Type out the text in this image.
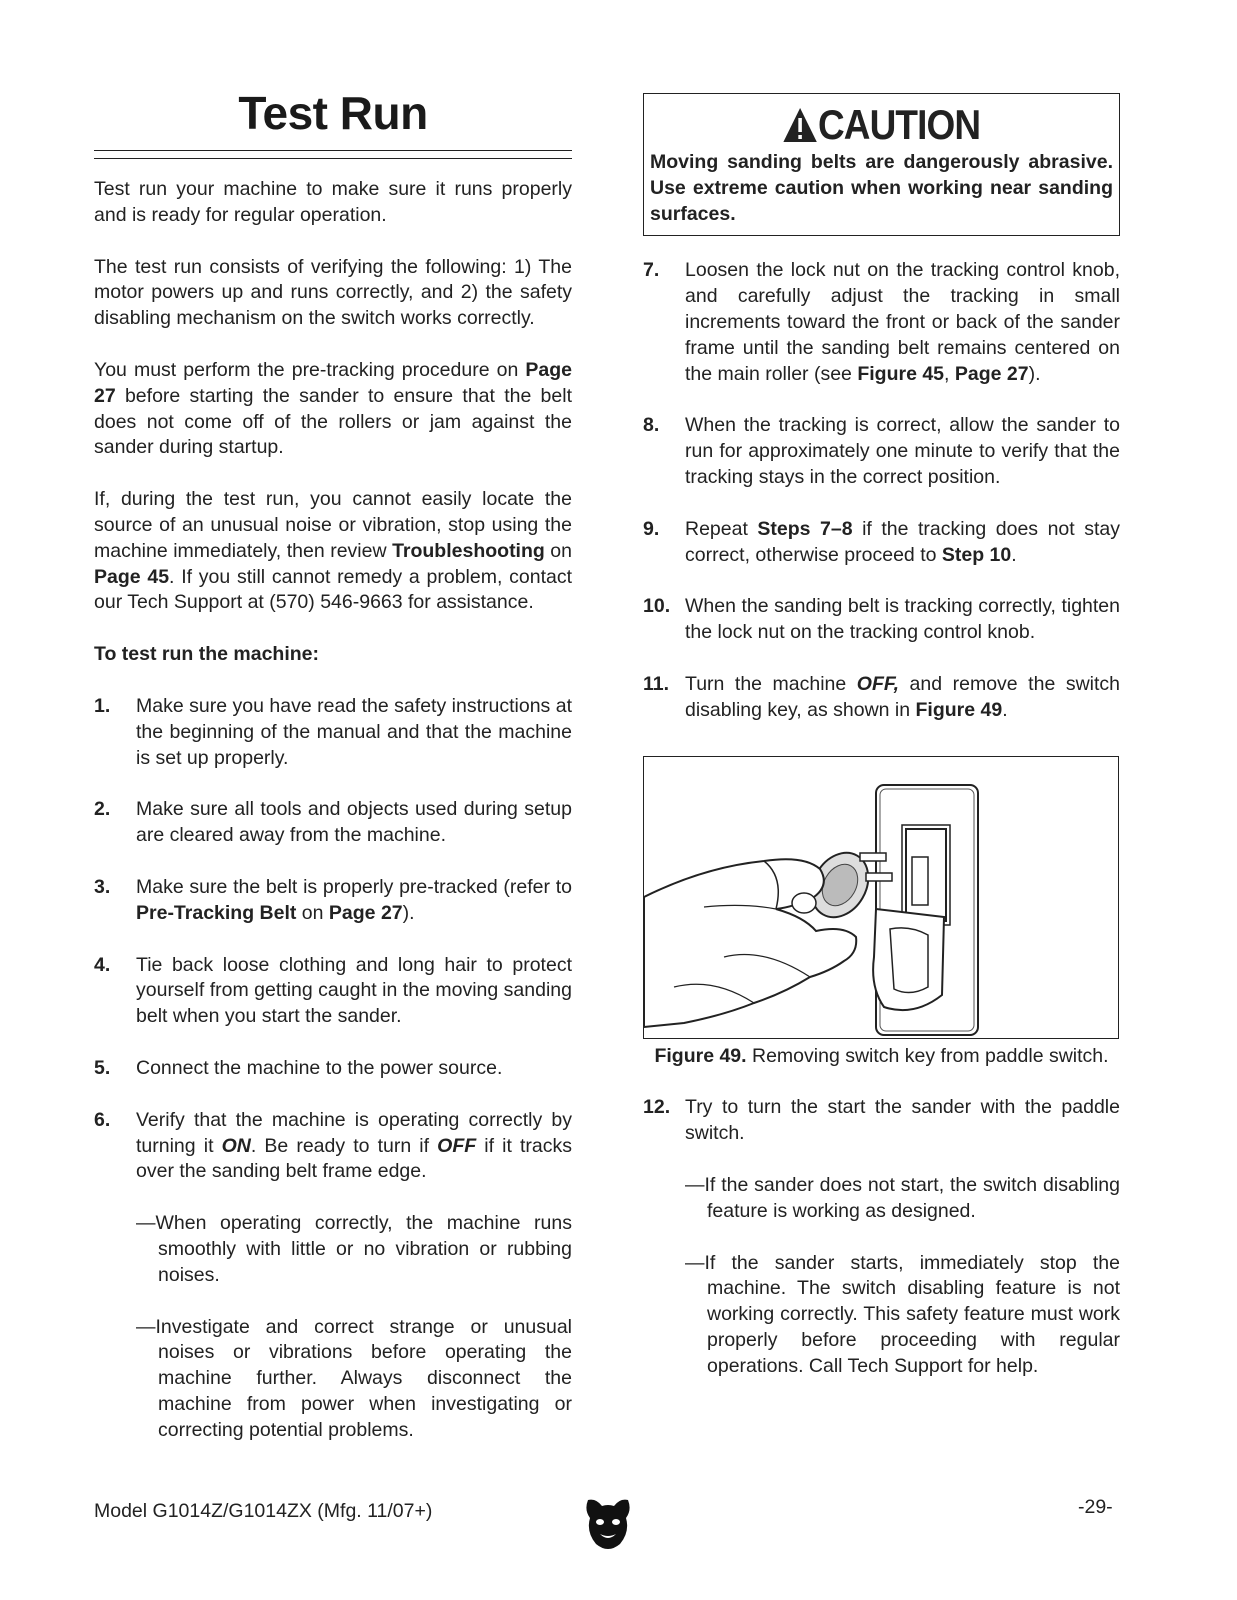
Test Run

Test run your machine to make sure it runs properly and is ready for regular operation.

The test run consists of verifying the following: 1) The motor powers up and runs correctly, and 2) the safety disabling mechanism on the switch works correctly.

You must perform the pre-tracking procedure on Page 27 before starting the sander to ensure that the belt does not come off of the rollers or jam against the sander during startup.

If, during the test run, you cannot easily locate the source of an unusual noise or vibration, stop using the machine immediately, then review Troubleshooting on Page 45. If you still cannot remedy a problem, contact our Tech Support at (570) 546-9663 for assistance.

To test run the machine:

1. Make sure you have read the safety instructions at the beginning of the manual and that the machine is set up properly.
2. Make sure all tools and objects used during setup are cleared away from the machine.
3. Make sure the belt is properly pre-tracked (refer to Pre-Tracking Belt on Page 27).
4. Tie back loose clothing and long hair to protect yourself from getting caught in the moving sanding belt when you start the sander.
5. Connect the machine to the power source.
6. Verify that the machine is operating correctly by turning it ON. Be ready to turn if OFF if it tracks over the sanding belt frame edge.
—When operating correctly, the machine runs smoothly with little or no vibration or rubbing noises.
—Investigate and correct strange or unusual noises or vibrations before operating the machine further. Always disconnect the machine from power when investigating or correcting potential problems.
CAUTION
Moving sanding belts are dangerously abrasive. Use extreme caution when working near sanding surfaces.
7. Loosen the lock nut on the tracking control knob, and carefully adjust the tracking in small increments toward the front or back of the sander frame until the sanding belt remains centered on the main roller (see Figure 45, Page 27).
8. When the tracking is correct, allow the sander to run for approximately one minute to verify that the tracking stays in the correct position.
9. Repeat Steps 7–8 if the tracking does not stay correct, otherwise proceed to Step 10.
10. When the sanding belt is tracking correctly, tighten the lock nut on the tracking control knob.
11. Turn the machine OFF, and remove the switch disabling key, as shown in Figure 49.
Figure 49. Removing switch key from paddle switch.
12. Try to turn the start the sander with the paddle switch.
—If the sander does not start, the switch disabling feature is working as designed.
—If the sander starts, immediately stop the machine. The switch disabling feature is not working correctly. This safety feature must work properly before proceeding with regular operations. Call Tech Support for help.
Model G1014Z/G1014ZX (Mfg. 11/07+)	-29-
